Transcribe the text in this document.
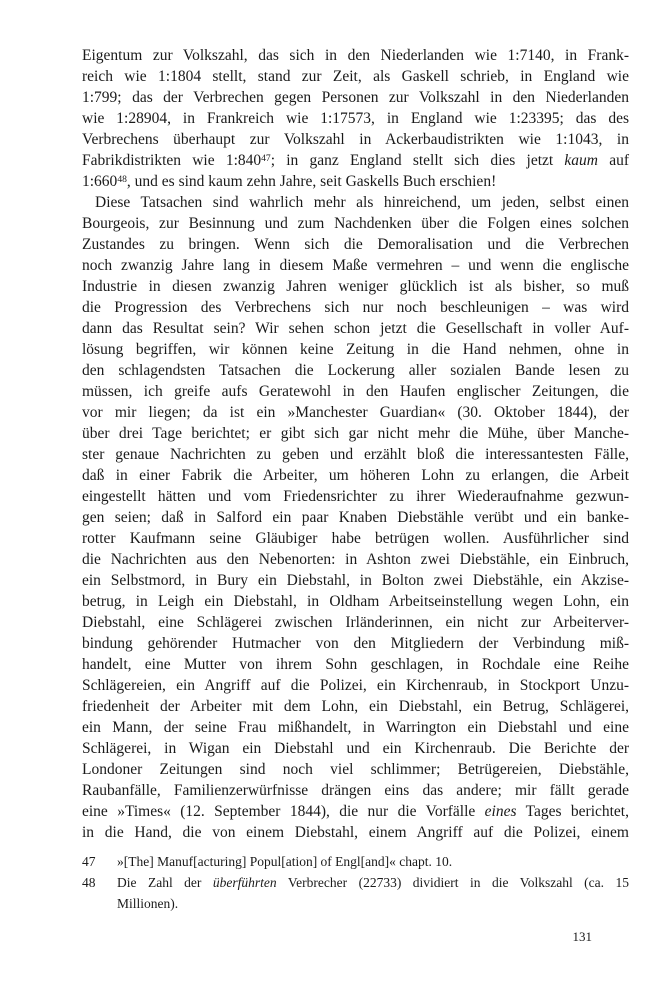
Eigentum zur Volkszahl, das sich in den Niederlanden wie 1:7140, in Frank-
reich wie 1:1804 stellt, stand zur Zeit, als Gaskell schrieb, in England wie
1:799; das der Verbrechen gegen Personen zur Volkszahl in den Niederlanden
wie 1:28904, in Frankreich wie 1:17573, in England wie 1:23395; das des
Verbrechens überhaupt zur Volkszahl in Ackerbaudistrikten wie 1:1043, in
Fabrikdistrikten wie $1:840^{47}$; in ganz England stellt sich dies jetzt kaum auf
$1:660^{48}$, und es sind kaum zehn Jahre, seit Gaskells Buch erschien!
Diese Tatsachen sind wahrlich mehr als hinreichend, um jeden, selbst einen
Bourgeois, zur Besinnung und zum Nachdenken über die Folgen eines solchen
Zustandes zu bringen. Wenn sich die Demoralisation und die Verbrechen
noch zwanzig Jahre lang in diesem Maße vermehren – und wenn die englische
Industrie in diesen zwanzig Jahren weniger glücklich ist als bisher, so muß
die Progression des Verbrechens sich nur noch beschleunigen – was wird
dann das Resultat sein? Wir sehen schon jetzt die Gesellschaft in voller Auf-
lösung begriffen, wir können keine Zeitung in die Hand nehmen, ohne in
den schlagendsten Tatsachen die Lockerung aller sozialen Bande lesen zu
müssen, ich greife aufs Geratewohl in den Haufen englischer Zeitungen, die
vor mir liegen; da ist ein »Manchester Guardian« (30. Oktober 1844), der
über drei Tage berichtet; er gibt sich gar nicht mehr die Mühe, über Manche-
ster genaue Nachrichten zu geben und erzählt bloß die interessantesten Fälle,
daß in einer Fabrik die Arbeiter, um höheren Lohn zu erlangen, die Arbeit
eingestellt hätten und vom Friedensrichter zu ihrer Wiederaufnahme gezwun-
gen seien; daß in Salford ein paar Knaben Diebstähle verübt und ein banke-
rotter Kaufmann seine Gläubiger habe betrügen wollen. Ausführlicher sind
die Nachrichten aus den Nebenorten: in Ashton zwei Diebstähle, ein Einbruch,
ein Selbstmord, in Bury ein Diebstahl, in Bolton zwei Diebstähle, ein Akzise-
betrug, in Leigh ein Diebstahl, in Oldham Arbeitseinstellung wegen Lohn, ein
Diebstahl, eine Schlägerei zwischen Irländerinnen, ein nicht zur Arbeiterver-
bindung gehörender Hutmacher von den Mitgliedern der Verbindung miß-
handelt, eine Mutter von ihrem Sohn geschlagen, in Rochdale eine Reihe
Schlägereien, ein Angriff auf die Polizei, ein Kirchenraub, in Stockport Unzu-
friedenheit der Arbeiter mit dem Lohn, ein Diebstahl, ein Betrug, Schlägerei,
ein Mann, der seine Frau mißhandelt, in Warrington ein Diebstahl und eine
Schlägerei, in Wigan ein Diebstahl und ein Kirchenraub. Die Berichte der
Londoner Zeitungen sind noch viel schlimmer; Betrügereien, Diebstähle,
Raubanfälle, Familienzerwürfnisse drängen eins das andere; mir fällt gerade
eine »Times« (12. September 1844), die nur die Vorfälle eines Tages berichtet,
in die Hand, die von einem Diebstahl, einem Angriff auf die Polizei, einem
47	»[The] Manuf[acturing] Popul[ation] of Engl[and]« chapt. 10.
48	Die Zahl der überführten Verbrecher (22733) dividiert in die Volkszahl (ca. 15
Millionen).
131
